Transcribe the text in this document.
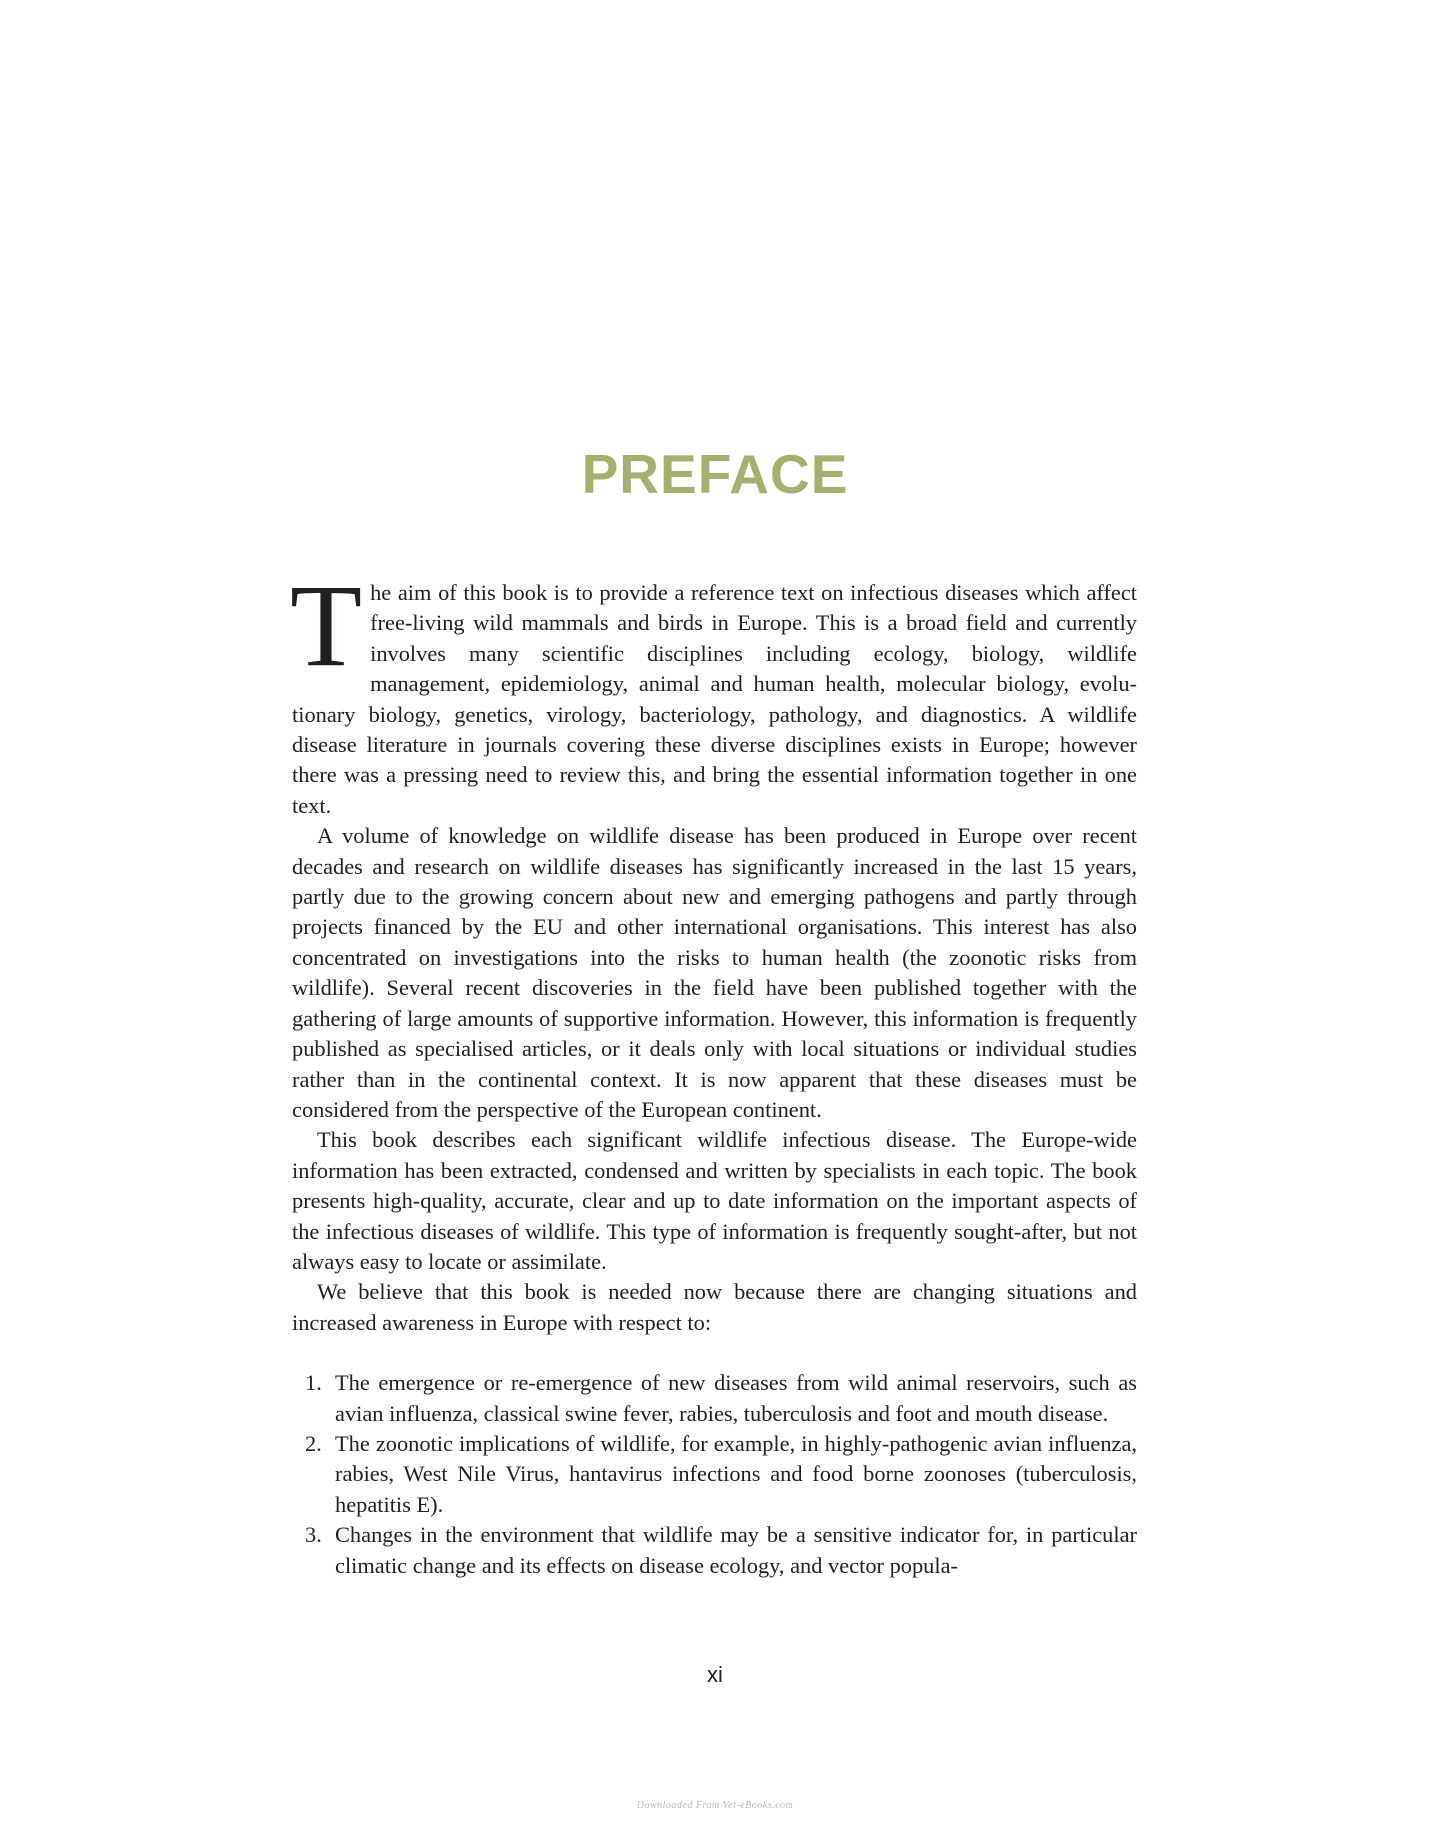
PREFACE

The aim of this book is to provide a reference text on infectious diseases which affect free-living wild mammals and birds in Europe. This is a broad field and currently involves many scientific disciplines including ecology, biology, wildlife management, epidemiology, animal and human health, molecular biology, evolutionary biology, genetics, virology, bacteriology, pathology, and diagnostics. A wildlife disease literature in journals covering these diverse disciplines exists in Europe; however there was a pressing need to review this, and bring the essential information together in one text.

A volume of knowledge on wildlife disease has been produced in Europe over recent decades and research on wildlife diseases has significantly increased in the last 15 years, partly due to the growing concern about new and emerging pathogens and partly through projects financed by the EU and other international organisations. This interest has also concentrated on investigations into the risks to human health (the zoonotic risks from wildlife). Several recent discoveries in the field have been published together with the gathering of large amounts of supportive information. However, this information is frequently published as specialised articles, or it deals only with local situations or individual studies rather than in the continental context. It is now apparent that these diseases must be considered from the perspective of the European continent.

This book describes each significant wildlife infectious disease. The Europe-wide information has been extracted, condensed and written by specialists in each topic. The book presents high-quality, accurate, clear and up to date information on the important aspects of the infectious diseases of wildlife. This type of information is frequently sought-after, but not always easy to locate or assimilate.

We believe that this book is needed now because there are changing situations and increased awareness in Europe with respect to:

1. The emergence or re-emergence of new diseases from wild animal reservoirs, such as avian influenza, classical swine fever, rabies, tuberculosis and foot and mouth disease.
2. The zoonotic implications of wildlife, for example, in highly-pathogenic avian influenza, rabies, West Nile Virus, hantavirus infections and food borne zoonoses (tuberculosis, hepatitis E).
3. Changes in the environment that wildlife may be a sensitive indicator for, in particular climatic change and its effects on disease ecology, and vector popula-
xi
Downloaded From Vet-eBooks.com
